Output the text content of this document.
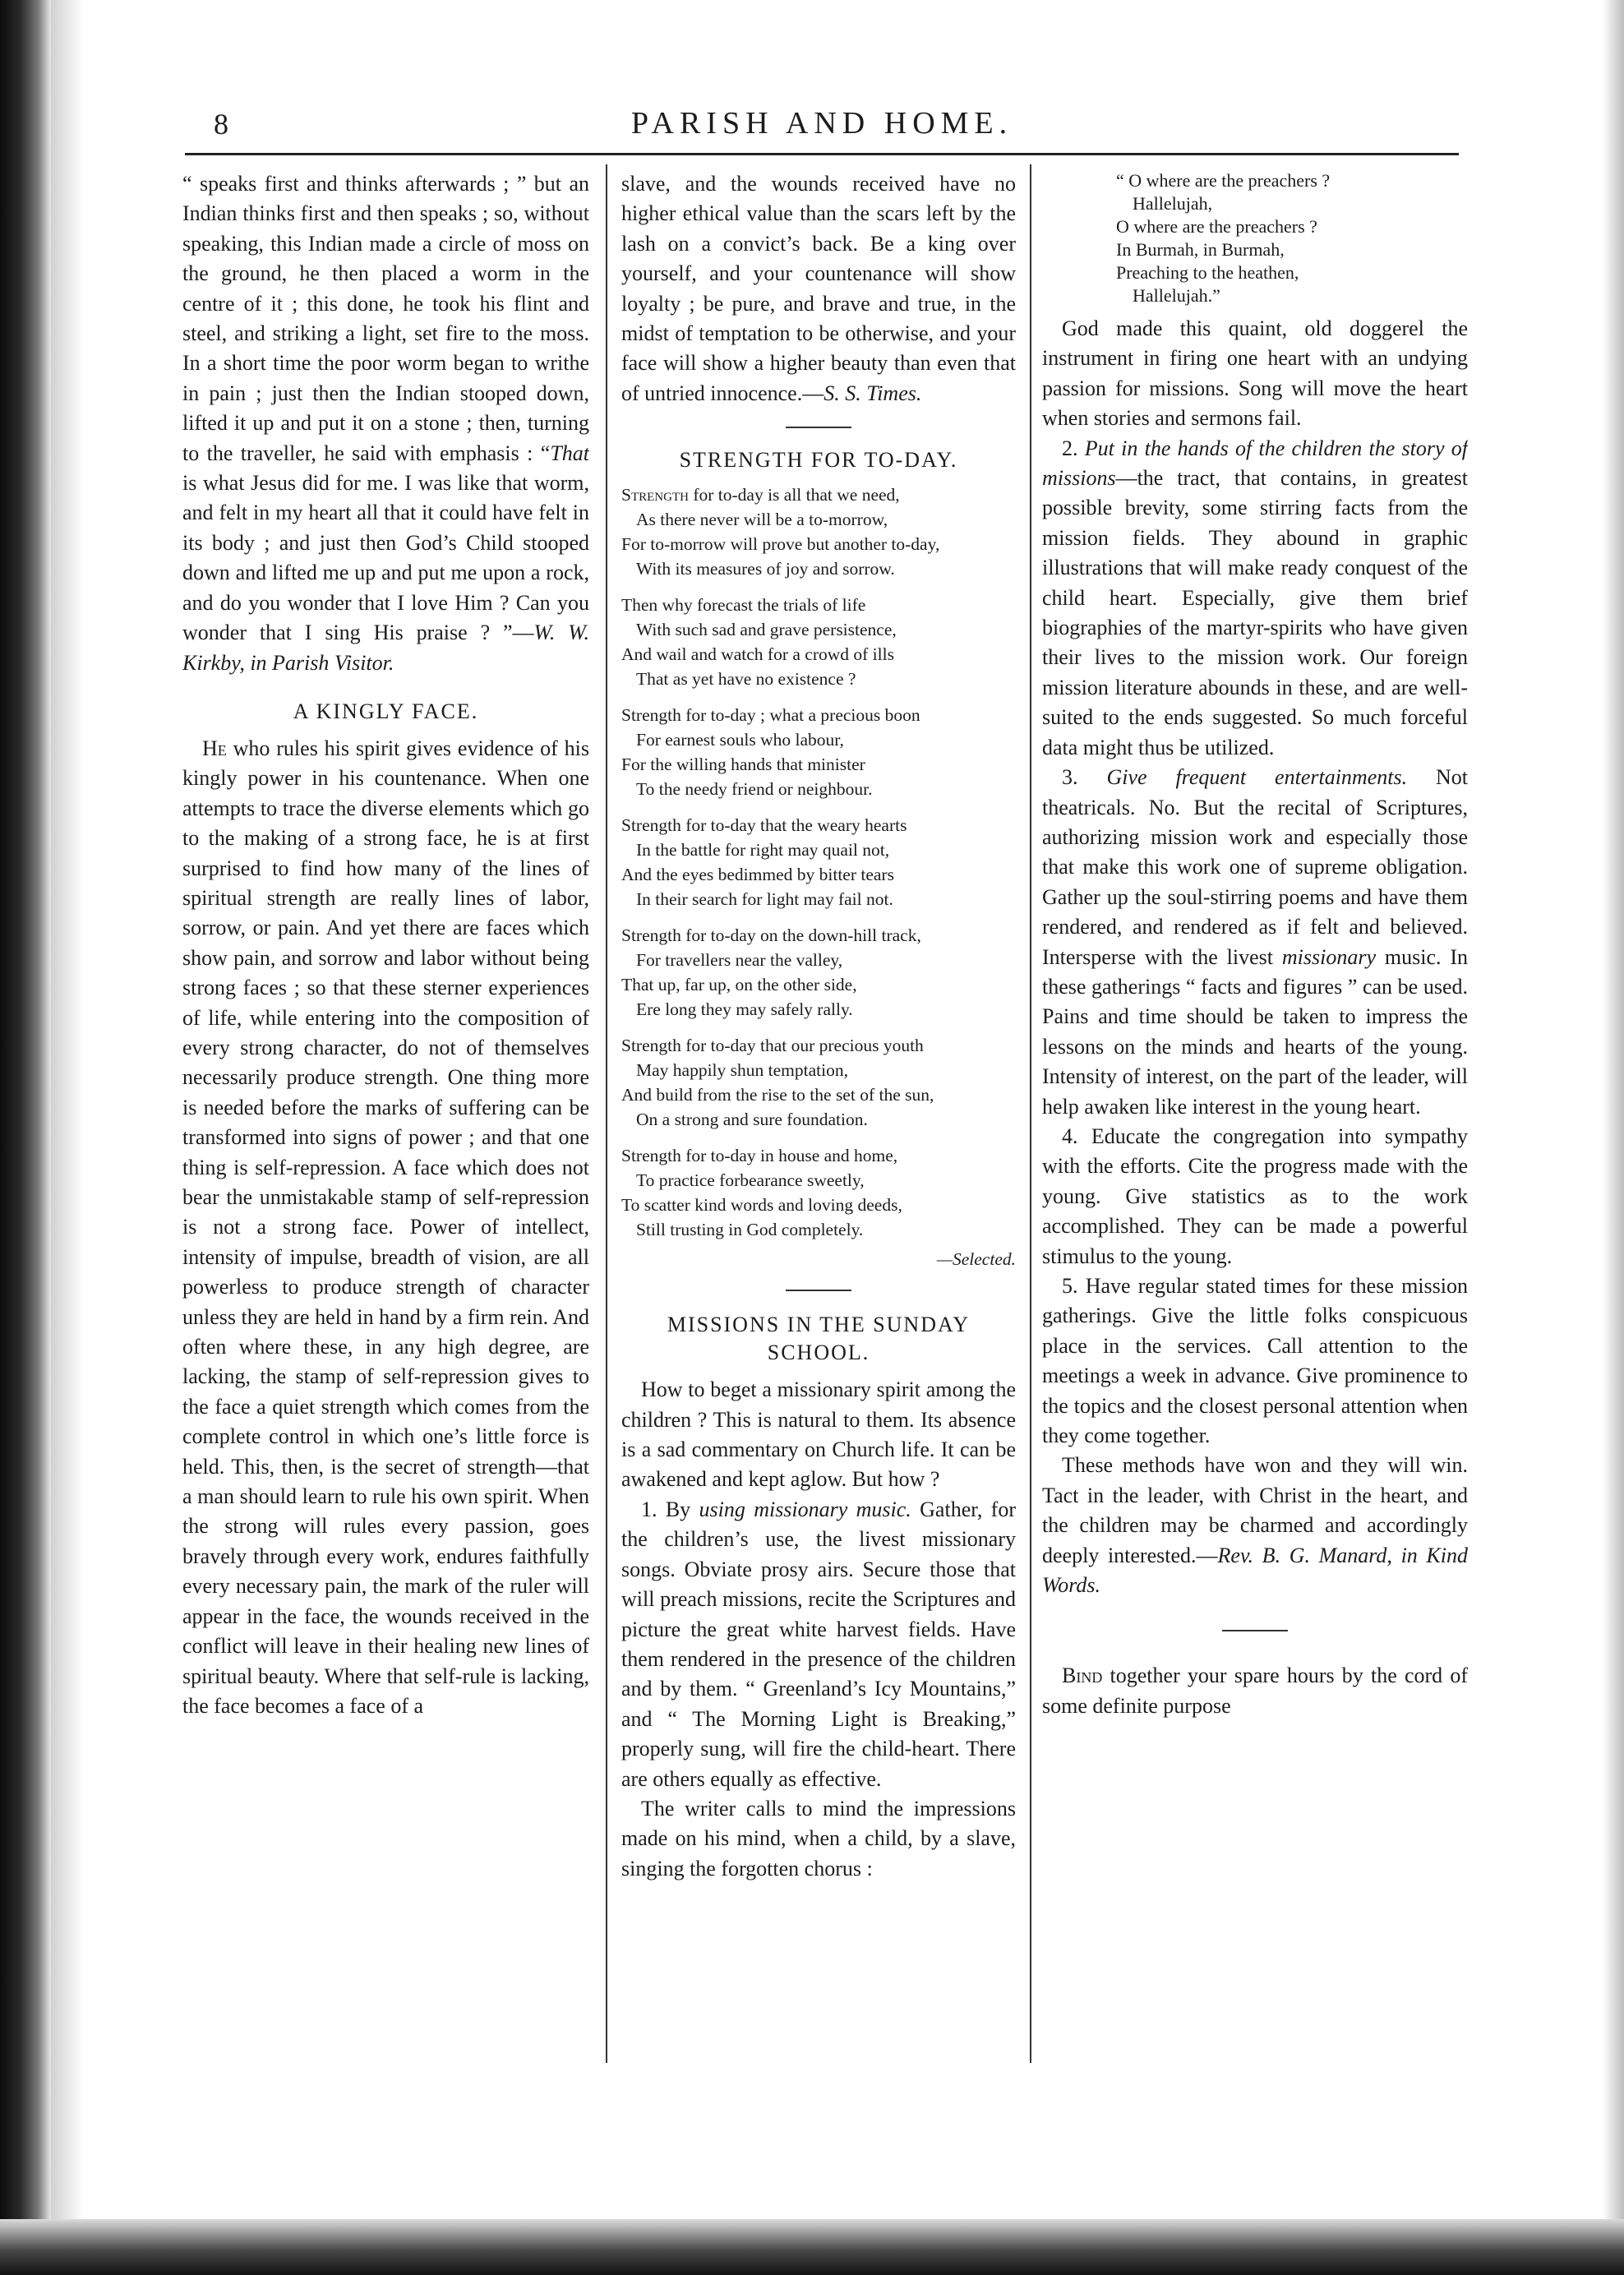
8	PARISH AND HOME.

“ speaks first and thinks afterwards ; ” but an Indian thinks first and then speaks ; so, without speaking, this Indian made a circle of moss on the ground, he then placed a worm in the centre of it ; this done, he took his flint and steel, and striking a light, set fire to the moss. In a short time the poor worm began to writhe in pain ; just then the Indian stooped down, lifted it up and put it on a stone ; then, turning to the traveller, he said with emphasis : “That is what Jesus did for me. I was like that worm, and felt in my heart all that it could have felt in its body ; and just then God’s Child stooped down and lifted me up and put me upon a rock, and do you wonder that I love Him ? Can you wonder that I sing His praise ? ”—W. W. Kirkby, in Parish Visitor.

A KINGLY FACE.

He who rules his spirit gives evidence of his kingly power in his countenance. When one attempts to trace the diverse elements which go to the making of a strong face, he is at first surprised to find how many of the lines of spiritual strength are really lines of labor, sorrow, or pain. And yet there are faces which show pain, and sorrow and labor without being strong faces ; so that these sterner experiences of life, while entering into the composition of every strong character, do not of themselves necessarily produce strength. One thing more is needed before the marks of suffering can be transformed into signs of power ; and that one thing is self-repression. A face which does not bear the unmistakable stamp of self-repression is not a strong face. Power of intellect, intensity of impulse, breadth of vision, are all powerless to produce strength of character unless they are held in hand by a firm rein. And often where these, in any high degree, are lacking, the stamp of self-repression gives to the face a quiet strength which comes from the complete control in which one’s little force is held. This, then, is the secret of strength—that a man should learn to rule his own spirit. When the strong will rules every passion, goes bravely through every work, endures faithfully every necessary pain, the mark of the ruler will appear in the face, the wounds received in the conflict will leave in their healing new lines of spiritual beauty. Where that self-rule is lacking, the face becomes a face of a

slave, and the wounds received have no higher ethical value than the scars left by the lash on a convict’s back. Be a king over yourself, and your countenance will show loyalty ; be pure, and brave and true, in the midst of temptation to be otherwise, and your face will show a higher beauty than even that of untried innocence.—S. S. Times.

STRENGTH FOR TO-DAY.
Strength for to-day is all that we need,
As there never will be a to-morrow,
For to-morrow will prove but another to-day,
With its measures of joy and sorrow.
Then why forecast the trials of life
With such sad and grave persistence,
And wail and watch for a crowd of ills
That as yet have no existence ?
Strength for to-day ; what a precious boon
For earnest souls who labour,
For the willing hands that minister
To the needy friend or neighbour.
Strength for to-day that the weary hearts
In the battle for right may quail not,
And the eyes bedimmed by bitter tears
In their search for light may fail not.
Strength for to-day on the down-hill track,
For travellers near the valley,
That up, far up, on the other side,
Ere long they may safely rally.
Strength for to-day that our precious youth
May happily shun temptation,
And build from the rise to the set of the sun,
On a strong and sure foundation.
Strength for to-day in house and home,
To practice forbearance sweetly,
To scatter kind words and loving deeds,
Still trusting in God completely.
—Selected.
MISSIONS IN THE SUNDAY SCHOOL.

How to beget a missionary spirit among the children ? This is natural to them. Its absence is a sad commentary on Church life. It can be awakened and kept aglow. But how ?

1. By using missionary music. Gather, for the children’s use, the livest missionary songs. Obviate prosy airs. Secure those that will preach missions, recite the Scriptures and picture the great white harvest fields. Have them rendered in the presence of the children and by them. “ Greenland’s Icy Mountains,” and “ The Morning Light is Breaking,” properly sung, will fire the child-heart. There are others equally as effective.

The writer calls to mind the impressions made on his mind, when a child, by a slave, singing the forgotten chorus :

“ O where are the preachers ?
Hallelujah,
O where are the preachers ?
In Burmah, in Burmah,
Preaching to the heathen,
Hallelujah.”

God made this quaint, old doggerel the instrument in firing one heart with an undying passion for missions. Song will move the heart when stories and sermons fail.

2. Put in the hands of the children the story of missions—the tract, that contains, in greatest possible brevity, some stirring facts from the mission fields. They abound in graphic illustrations that will make ready conquest of the child heart. Especially, give them brief biographies of the martyr-spirits who have given their lives to the mission work. Our foreign mission literature abounds in these, and are well-suited to the ends suggested. So much forceful data might thus be utilized.

3. Give frequent entertainments. Not theatricals. No. But the recital of Scriptures, authorizing mission work and especially those that make this work one of supreme obligation. Gather up the soul-stirring poems and have them rendered, and rendered as if felt and believed. Intersperse with the livest missionary music. In these gatherings “ facts and figures ” can be used. Pains and time should be taken to impress the lessons on the minds and hearts of the young. Intensity of interest, on the part of the leader, will help awaken like interest in the young heart.

4. Educate the congregation into sympathy with the efforts. Cite the progress made with the young. Give statistics as to the work accomplished. They can be made a powerful stimulus to the young.

5. Have regular stated times for these mission gatherings. Give the little folks conspicuous place in the services. Call attention to the meetings a week in advance. Give prominence to the topics and the closest personal attention when they come together.

These methods have won and they will win. Tact in the leader, with Christ in the heart, and the children may be charmed and accordingly deeply interested.—Rev. B. G. Manard, in Kind Words.

Bind together your spare hours by the cord of some definite purpose
